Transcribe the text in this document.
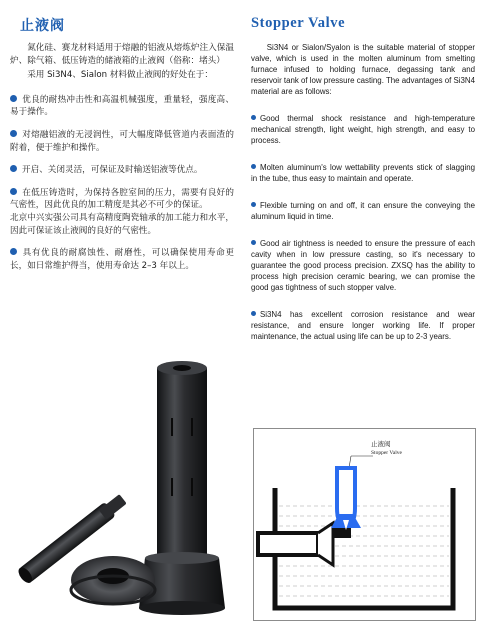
止液阀	Stopper Valve

氮化硅、赛龙材料适用于熔融的铝液从熔炼炉注入保温炉、除气箱、低压铸造的储液箱的止液阀（俗称：堵头）

采用 Si3N4、Sialon 材料做止液阀的好处在于：

优良的耐热冲击性和高温机械强度，重量轻，强度高、易于操作。

对熔融铝液的无浸润性，可大幅度降低管道内表面渣的附着，便于维护和操作。

开启、关闭灵活，可保证及时输送铝液等优点。

在低压铸造时，为保持各腔室间的压力，需要有良好的气密性，因此优良的加工精度是其必不可少的保证。

北京中兴实强公司具有高精度陶瓷轴承的加工能力和水平，因此可保证该止液阀的良好的气密性。

具有优良的耐腐蚀性、耐磨性，可以确保使用寿命更长，如日常维护得当，使用寿命达 2–3 年以上。

Si3N4 or Sialon/Syalon is the suitable material of stopper valve, which is used in the molten aluminum from smelting furnace infused to holding furnace, degassing tank and reservoir tank of low pressure casting. The advantages of Si3N4 material are as follows:

Good thermal shock resistance and high-temperature mechanical strength, light weight, high strength, and easy to process.

Molten aluminum's low wettability prevents stick of slagging in the tube, thus easy to maintain and operate.

Flexible turning on and off, it can ensure the conveying the aluminum liquid in time.

Good air tightness is needed to ensure the pressure of each cavity when in low pressure casting, so it's necessary to guarantee the good process precision. ZXSQ has the ability to process high precision ceramic bearing, we can promise the good gas tightness of such stopper valve.

Si3N4 has excellent corrosion resistance and wear resistance, and ensure longer working life. If proper maintenance, the actual using life can be up to 2-3 years.

止液阀
Stopper Valve
